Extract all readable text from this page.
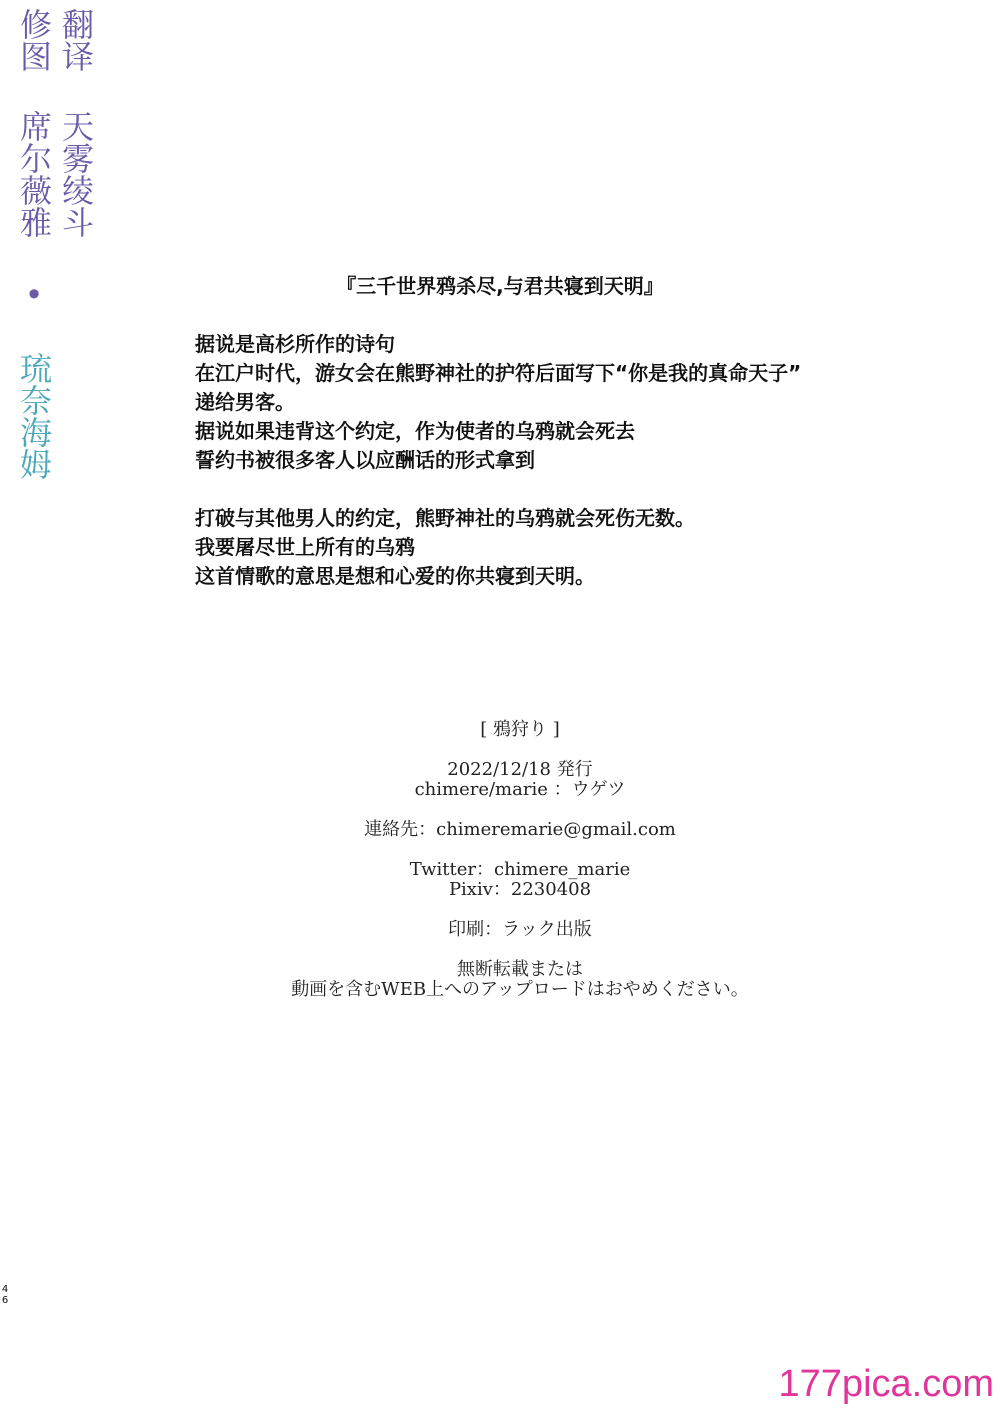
翻译 天雾绫斗
修图 席尔薇雅 • 琉奈海姆

『三千世界鸦杀尽,与君共寝到天明』

据说是高杉所作的诗句

在江户时代，游女会在熊野神社的护符后面写下“你是我的真命天子”

递给男客。

据说如果违背这个约定，作为使者的乌鸦就会死去

誓约书被很多客人以应酬话的形式拿到

打破与其他男人的约定，熊野神社的乌鸦就会死伤无数。

我要屠尽世上所有的乌鸦

这首情歌的意思是想和心爱的你共寝到天明。

[ 鴉狩り ]

2022/12/18 発行

chimere/marie ：ウゲツ

連絡先：chimeremarie@gmail.com

Twitter：chimere_marie

Pixiv：2230408

印刷：ラック出版

無断転載または

動画を含むWEB上へのアップロードはおやめください。

46

177pica.com
